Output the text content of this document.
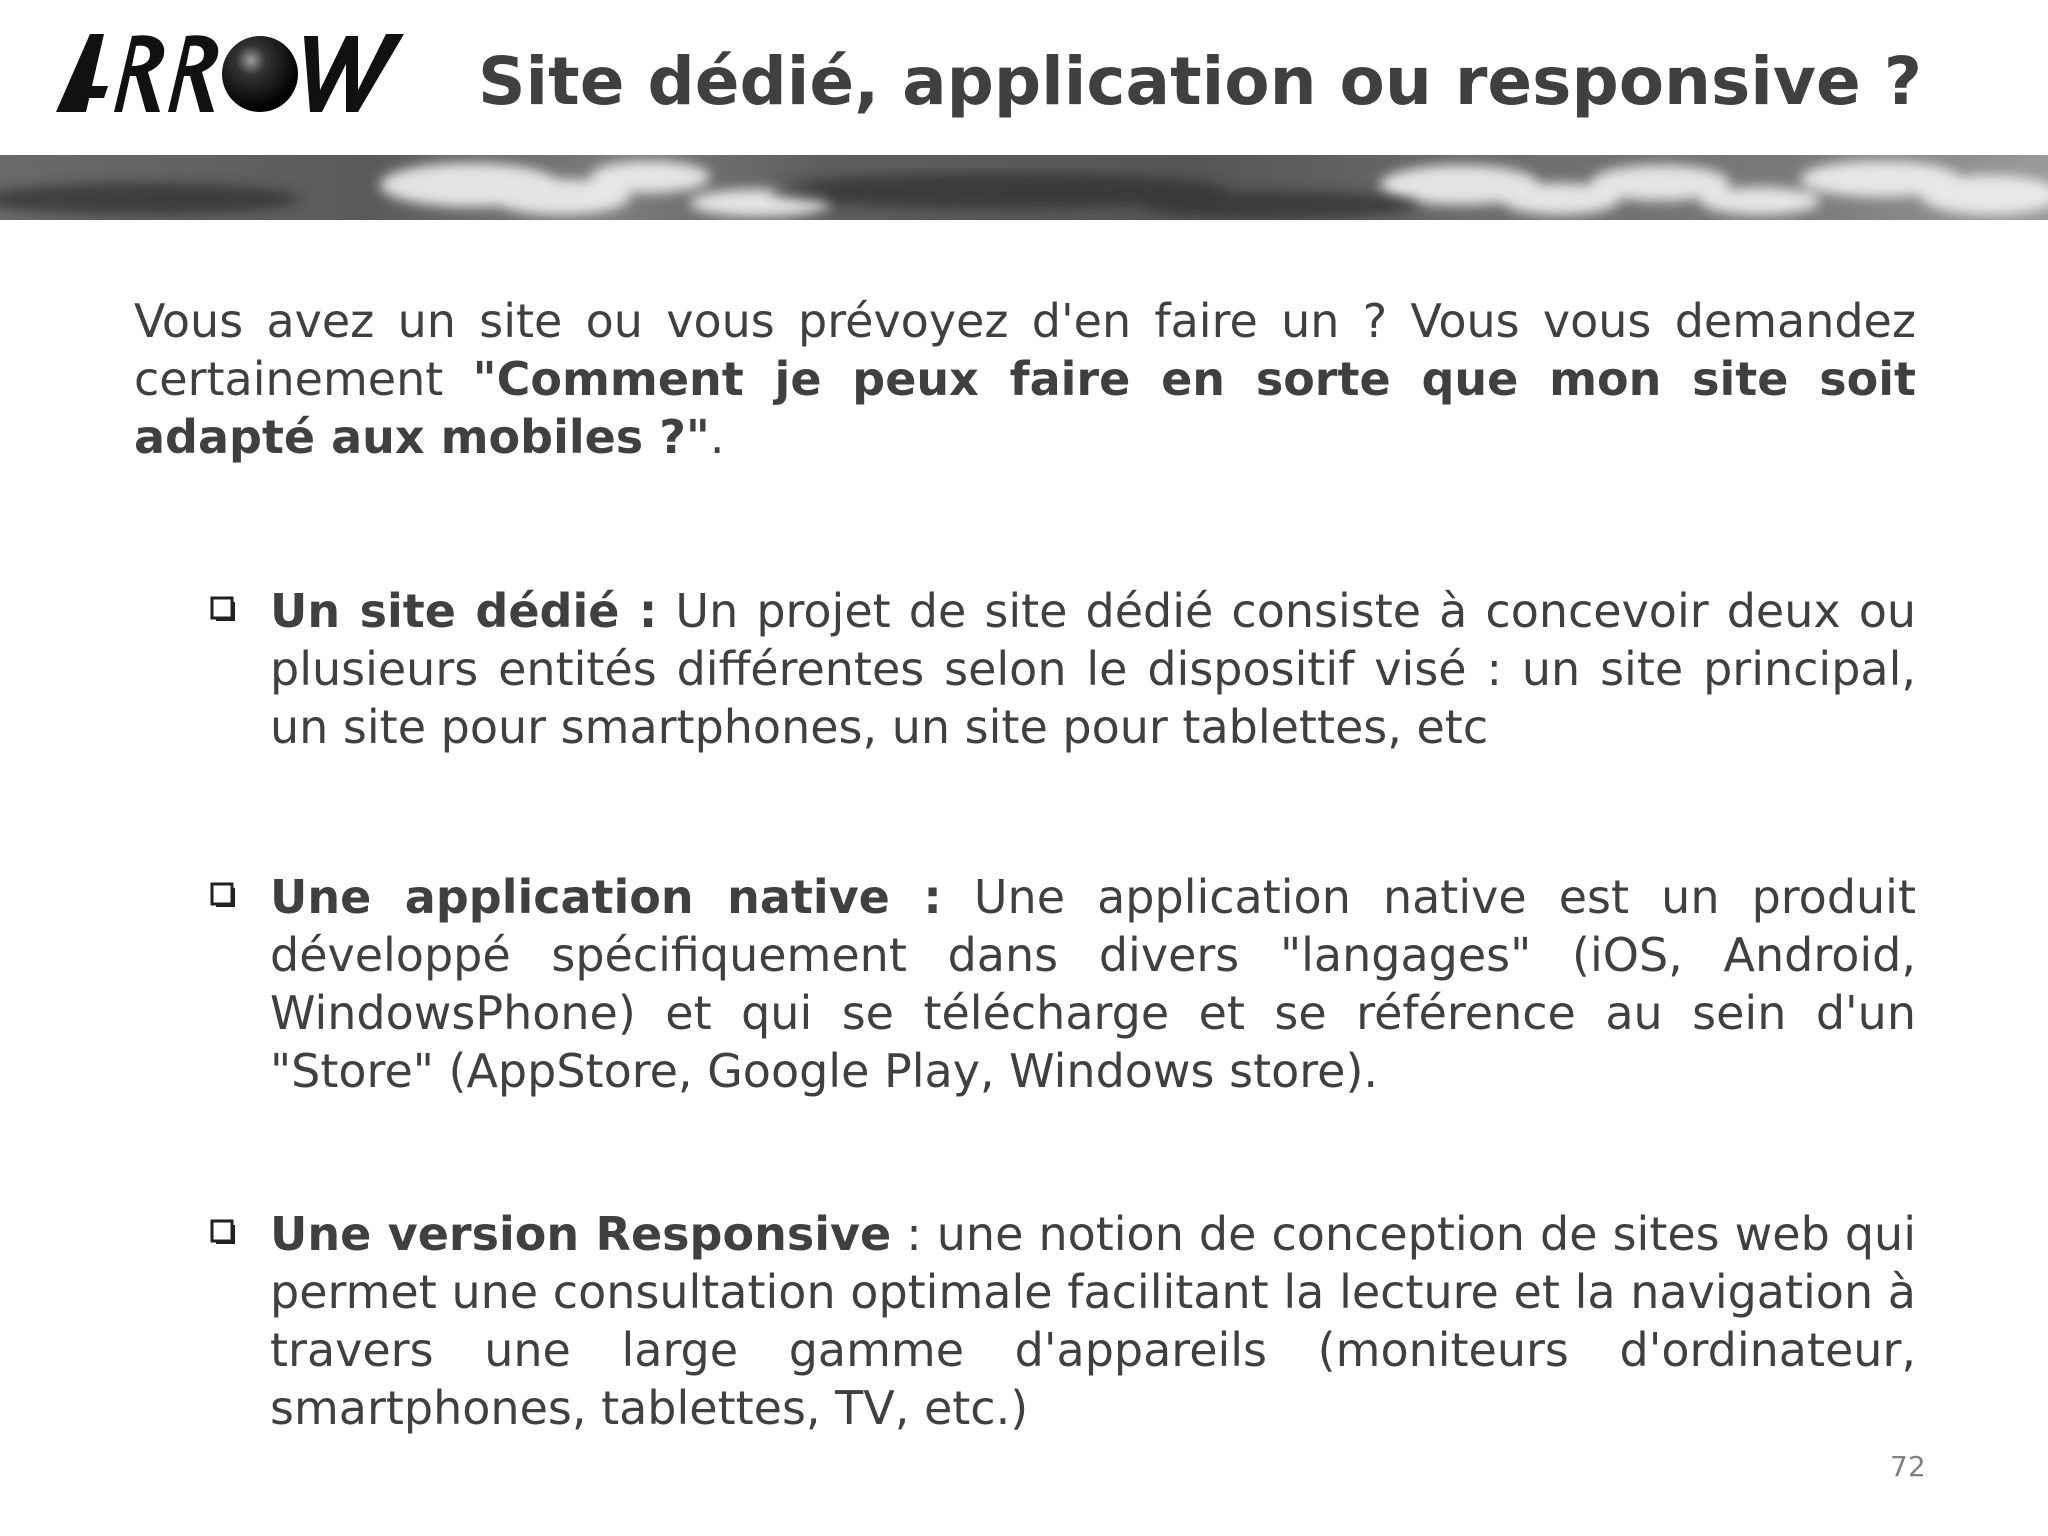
Site dédié, application ou responsive ?

Vous avez un site ou vous prévoyez d'en faire un ? Vous vous demandez certainement "Comment je peux faire en sorte que mon site soit adapté aux mobiles ?".

Un site dédié : Un projet de site dédié consiste à concevoir deux ou plusieurs entités différentes selon le dispositif visé : un site principal, un site pour smartphones, un site pour tablettes, etc
Une application native : Une application native est un produit développé spécifiquement dans divers "langages" (iOS, Android, WindowsPhone) et qui se télécharge et se référence au sein d'un "Store" (AppStore, Google Play, Windows store).
Une version Responsive : une notion de conception de sites web qui permet une consultation optimale facilitant la lecture et la navigation à travers une large gamme d'appareils (moniteurs d'ordinateur, smartphones, tablettes, TV, etc.)
72
